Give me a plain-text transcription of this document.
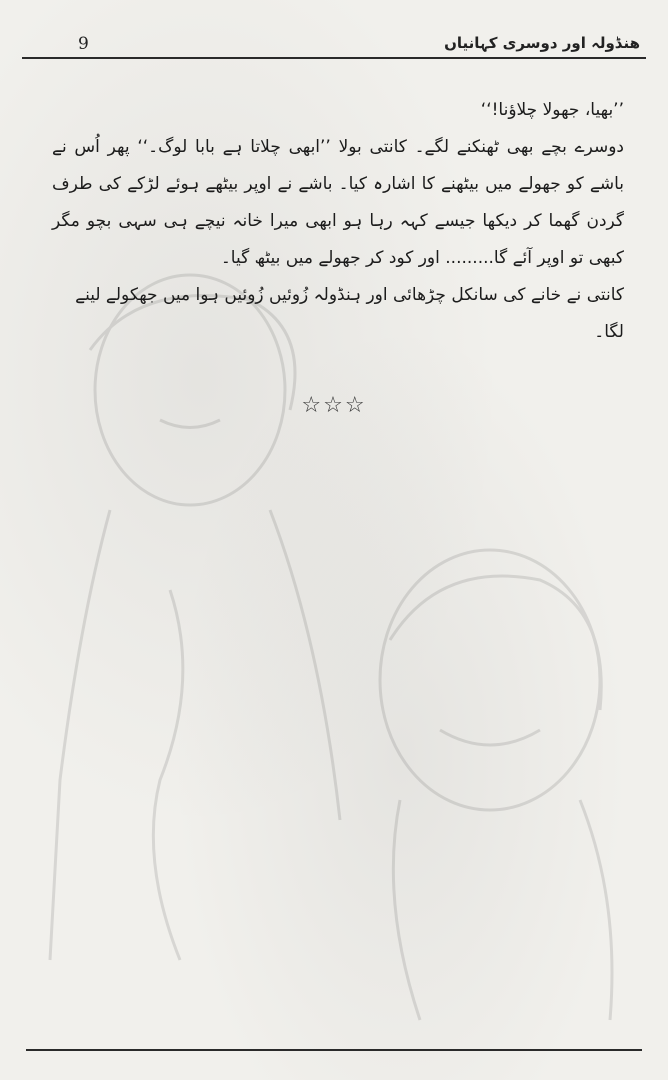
9	ھنڈولہ اور دوسری کہانیاں

’’بھیا، جھولا چلاؤنا!‘‘

دوسرے بچے بھی ٹھنکنے لگے۔ کانتی بولا ’’ابھی چلاتا ہے بابا لوگ۔‘‘ پھر اُس نے باشے کو جھولے میں بیٹھنے کا اشارہ کیا۔ باشے نے اوپر بیٹھے ہوئے لڑکے کی طرف گردن گھما کر دیکھا جیسے کہہ رہا ہو ابھی میرا خانہ نیچے ہی سہی بچو مگر کبھی تو اوپر آئے گا......... اور کود کر جھولے میں بیٹھ گیا۔

کانتی نے خانے کی سانکل چڑھائی اور ہنڈولہ زُوئیں زُوئیں ہوا میں جھکولے لینے لگا۔

☆☆☆
